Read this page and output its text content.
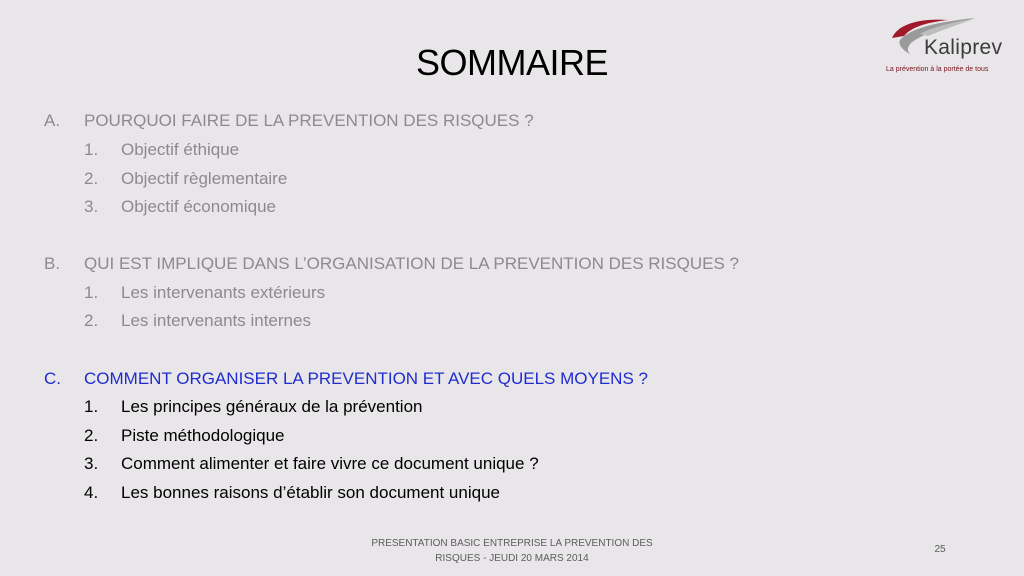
SOMMAIRE	Kaliprev
La prévention à la portée de tous
A. POURQUOI FAIRE DE LA PREVENTION DES RISQUES ?
1. Objectif éthique
2. Objectif règlementaire
3. Objectif économique
B. QUI EST IMPLIQUE DANS L’ORGANISATION DE LA PREVENTION DES RISQUES ?
1. Les intervenants extérieurs
2. Les intervenants internes
C. COMMENT ORGANISER LA PREVENTION ET AVEC QUELS MOYENS ?
1. Les principes généraux de la prévention
2. Piste méthodologique
3. Comment alimenter et faire vivre ce document unique ?
4. Les bonnes raisons d’établir son document unique
PRESENTATION BASIC ENTREPRISE LA PREVENTION DES
RISQUES - JEUDI 20 MARS 2014
25
